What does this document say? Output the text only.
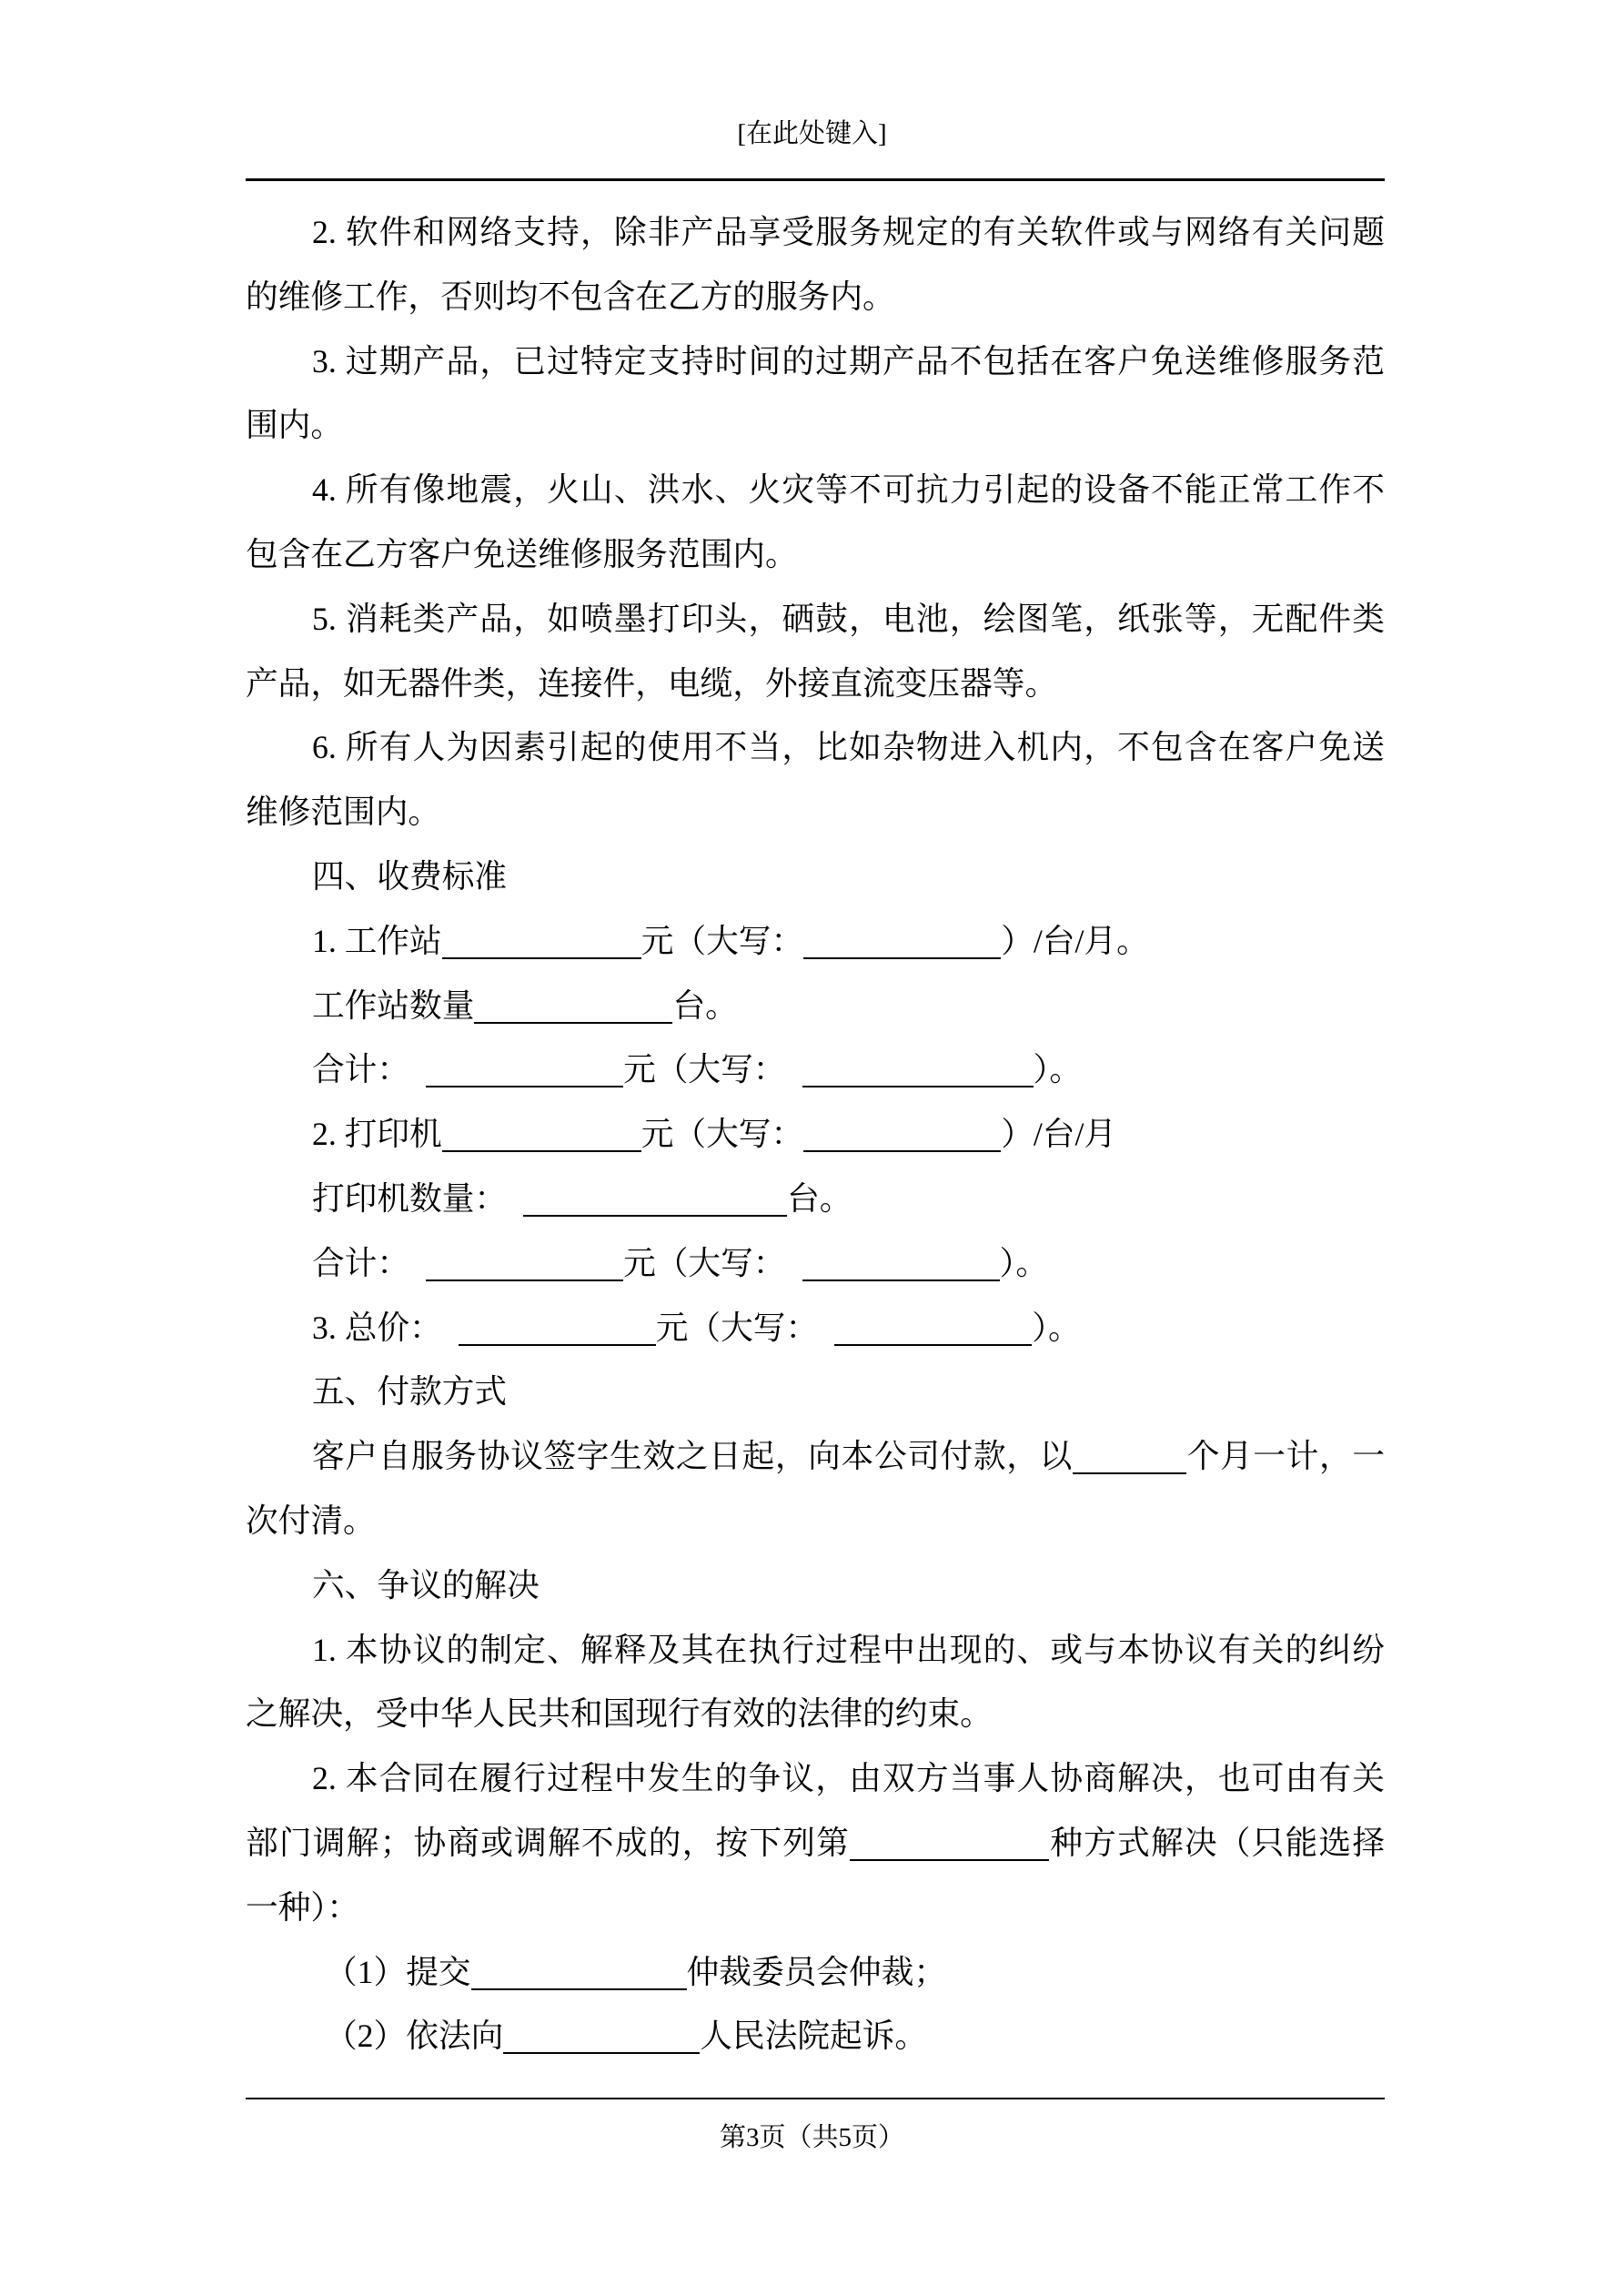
[在此处键入]
2. 软件和网络支持，除非产品享受服务规定的有关软件或与网络有关问题
的维修工作，否则均不包含在乙方的服务内。
3. 过期产品，已过特定支持时间的过期产品不包括在客户免送维修服务范
围内。
4. 所有像地震，火山、洪水、火灾等不可抗力引起的设备不能正常工作不
包含在乙方客户免送维修服务范围内。
5. 消耗类产品，如喷墨打印头，硒鼓，电池，绘图笔，纸张等，无配件类
产品，如无器件类，连接件，电缆，外接直流变压器等。
6. 所有人为因素引起的使用不当，比如杂物进入机内，不包含在客户免送
维修范围内。
四、收费标准
1. 工作站	元（大写：	）/台/月。
工作站数量	台。
合计：	元（大写：	）。
2. 打印机	元（大写：	）/台/月
打印机数量：	台。
合计：	元（大写：	）。
3. 总价：	元（大写：	）。
五、付款方式
客户自服务协议签字生效之日起，向本公司付款，以	个月一计，一
次付清。
六、争议的解决
1. 本协议的制定、解释及其在执行过程中出现的、或与本协议有关的纠纷
之解决，受中华人民共和国现行有效的法律的约束。
2. 本合同在履行过程中发生的争议，由双方当事人协商解决，也可由有关
部门调解；协商或调解不成的，按下列第	种方式解决（只能选择
一种）：
（1）提交	仲裁委员会仲裁；
（2）依法向	人民法院起诉。
第3页（共5页）
